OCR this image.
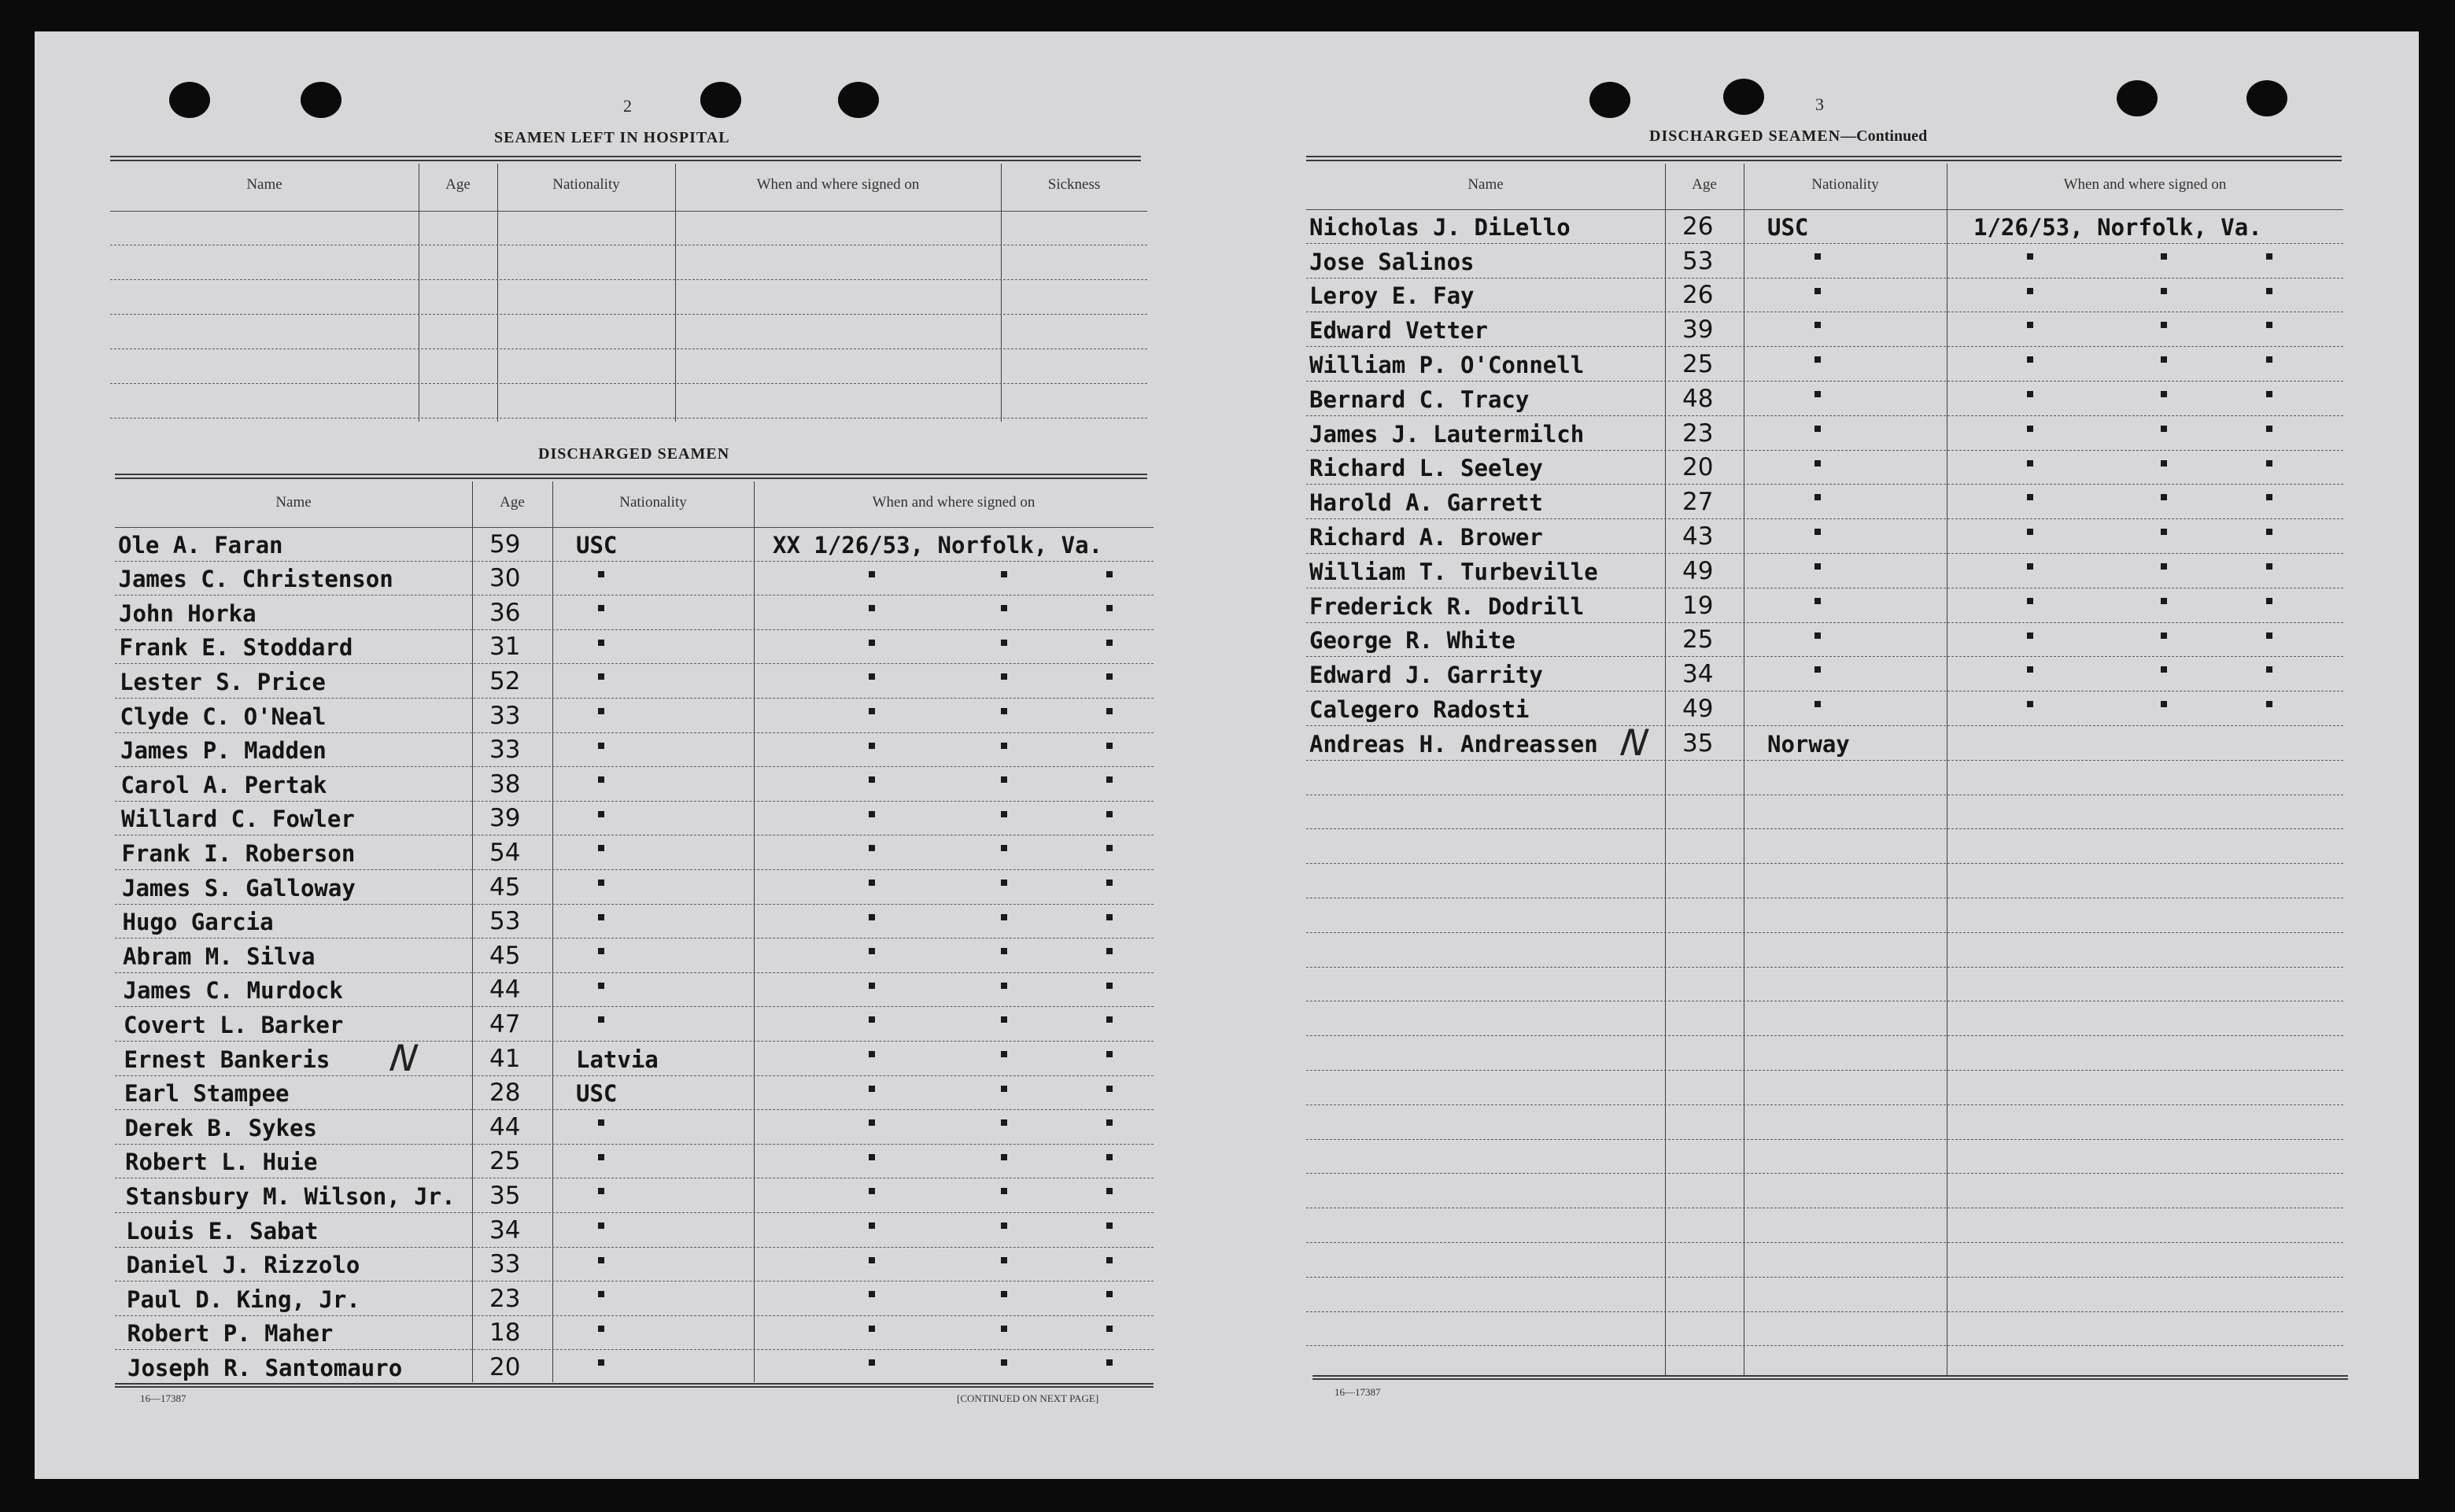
2
SEAMEN LEFT IN HOSPITAL
Name	Age	Nationality	When and where signed on	Sickness
DISCHARGED SEAMEN
Name	Age	Nationality	When and where signed on
Ole A. Faran	59 USC	XX 1/26/53, Norfolk, Va.
James C. Christenson	30
John Horka	36
Frank E. Stoddard	31
Lester S. Price	52
Clyde C. O'Neal	33
James P. Madden	33
Carol A. Pertak	38
Willard C. Fowler	39
Frank I. Roberson	54
James S. Galloway	45
Hugo Garcia	53
Abram M. Silva	45
James C. Murdock	44
Covert L. Barker	47
Ernest Bankeris	41 Latvia
N
Earl Stampee	28 USC
Derek B. Sykes	44
Robert L. Huie	25
Stansbury M. Wilson, Jr. 35
Louis E. Sabat	34
Daniel J. Rizzolo	33
Paul D. King, Jr.	23
Robert P. Maher	18
Joseph R. Santomauro	20
16—17387	[CONTINUED ON NEXT PAGE]
3
DISCHARGED SEAMEN—Continued
Name	Age	Nationality	When and where signed on
Nicholas J. DiLello	26 USC	1/26/53, Norfolk, Va.
Jose Salinos	53
Leroy E. Fay	26
Edward Vetter	39
William P. O'Connell	25
Bernard C. Tracy	48
James J. Lautermilch	23
Richard L. Seeley	20
Harold A. Garrett	27
Richard A. Brower	43
William T. Turbeville	49
Frederick R. Dodrill	19
George R. White	25
Edward J. Garrity	34
Calegero Radosti	49
Andreas H. Andreassen	35 Norway
N
16—17387
